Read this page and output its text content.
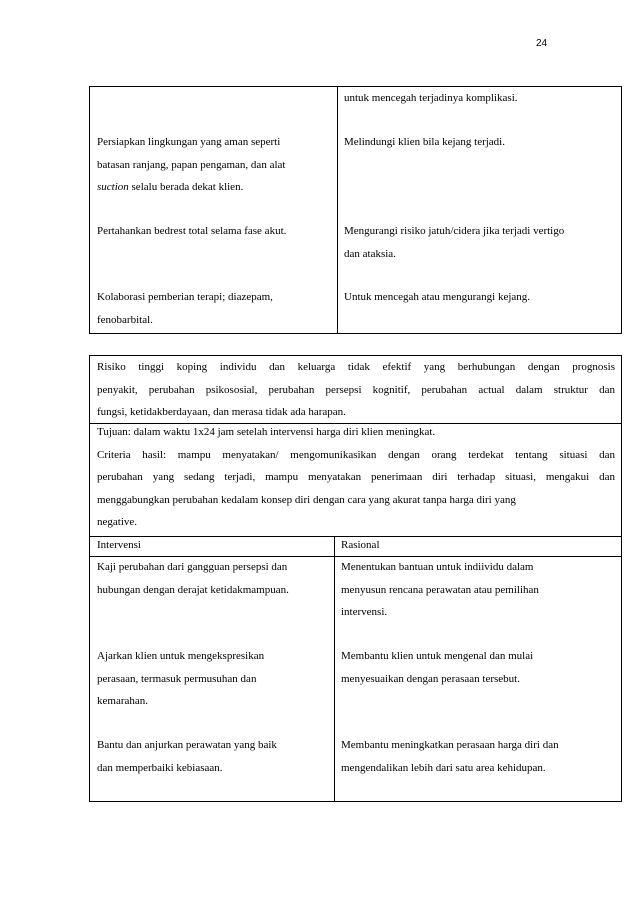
24
untuk mencegah terjadinya komplikasi.
Persiapkan lingkungan yang aman seperti
batasan ranjang, papan pengaman, dan alat
suction selalu berada dekat klien.
Melindungi klien bila kejang terjadi.
Pertahankan bedrest total selama fase akut.	Mengurangi risiko jatuh/cidera jika terjadi vertigo
dan ataksia.
Kolaborasi pemberian terapi; diazepam,
fenobarbital.
Untuk mencegah atau mengurangi kejang.
Risiko tinggi koping individu dan keluarga tidak efektif yang berhubungan dengan prognosis
penyakit, perubahan psikososial, perubahan persepsi kognitif, perubahan actual dalam struktur dan
fungsi, ketidakberdayaan, dan merasa tidak ada harapan.
Tujuan: dalam waktu 1x24 jam setelah intervensi harga diri klien meningkat.
Criteria hasil: mampu menyatakan/ mengomunikasikan dengan orang terdekat tentang situasi dan
perubahan yang sedang terjadi, mampu menyatakan penerimaan diri terhadap situasi, mengakui dan
menggabungkan perubahan kedalam konsep diri dengan cara yang akurat tanpa harga diri yang
negative.
Intervensi	Rasional
Kaji perubahan dari gangguan persepsi dan
hubungan dengan derajat ketidakmampuan.
Menentukan bantuan untuk indiividu dalam
menyusun rencana perawatan atau pemilihan
intervensi.
Ajarkan klien untuk mengekspresikan
perasaan, termasuk permusuhan dan
kemarahan.
Membantu klien untuk mengenal dan mulai
menyesuaikan dengan perasaan tersebut.
Bantu dan anjurkan perawatan yang baik
dan memperbaiki kebiasaan.
Membantu meningkatkan perasaan harga diri dan
mengendalikan lebih dari satu area kehidupan.
